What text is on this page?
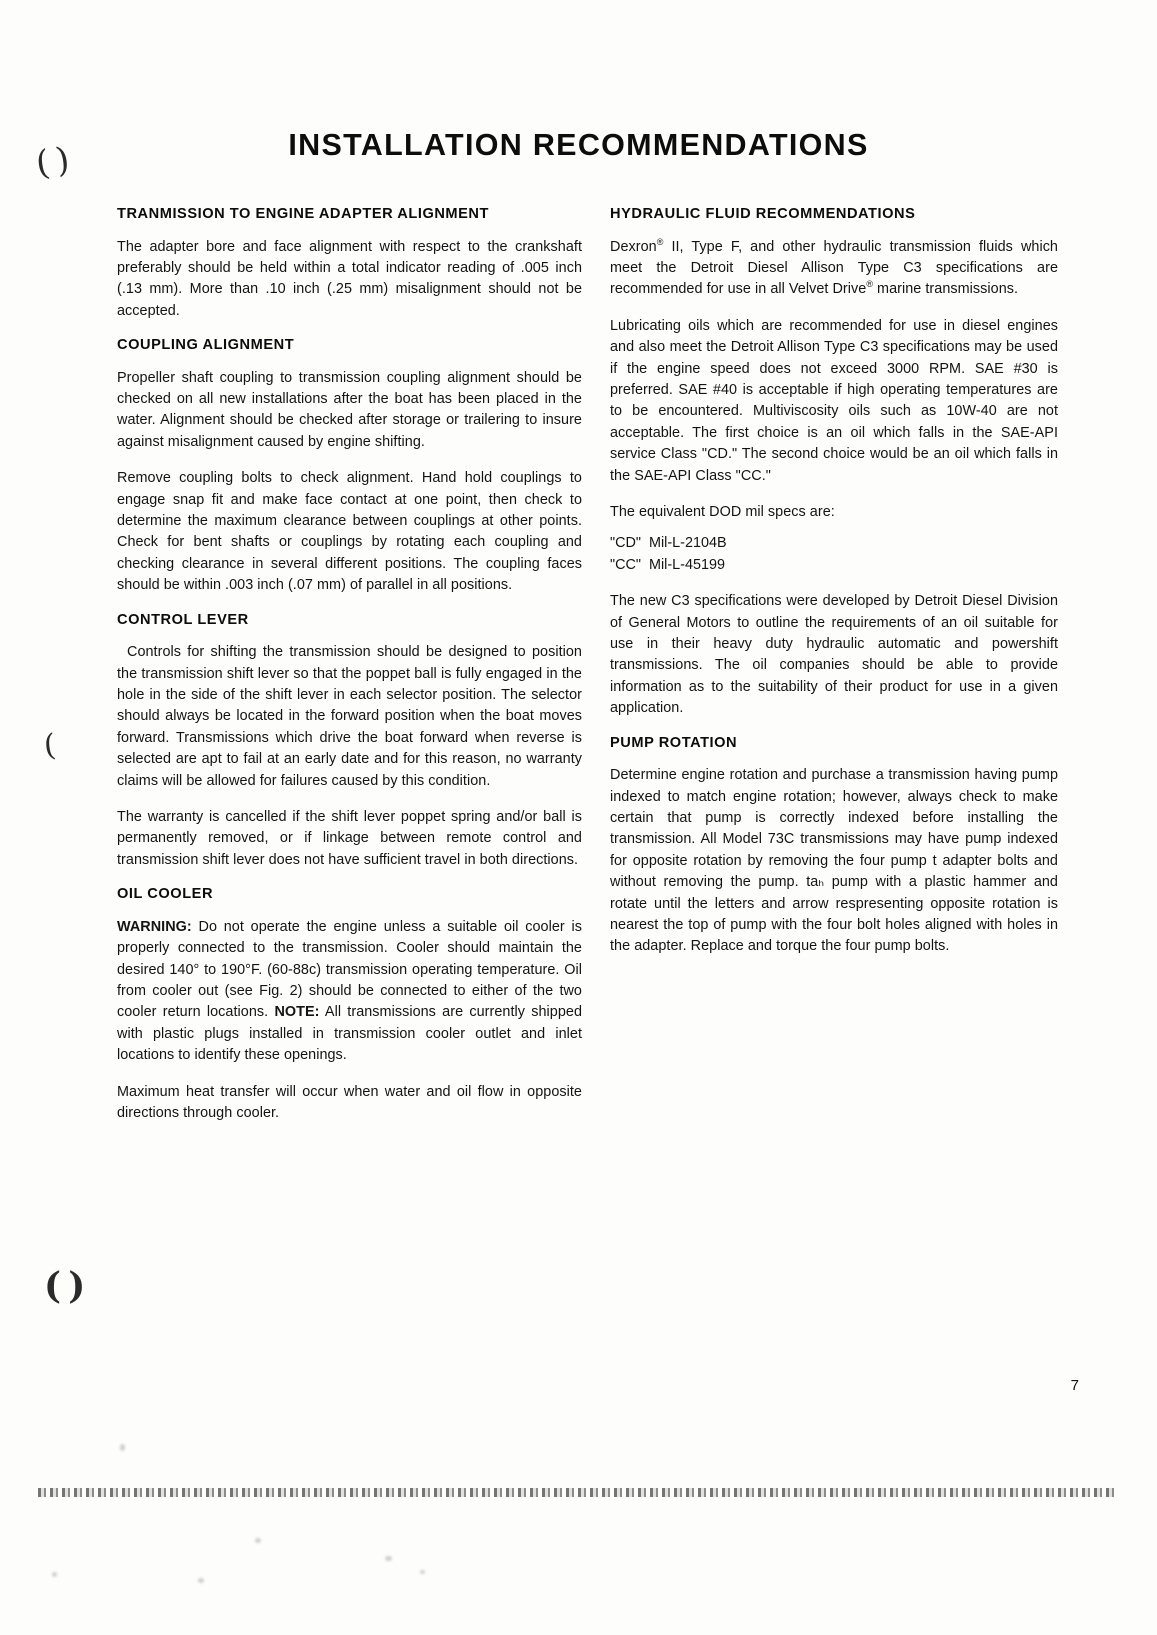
( )
( 
( )
INSTALLATION RECOMMENDATIONS
TRANMISSION TO ENGINE ADAPTER ALIGNMENT

The adapter bore and face alignment with respect to the crankshaft preferably should be held within a total indicator reading of .005 inch (.13 mm). More than .10 inch (.25 mm) misalignment should not be accepted.

COUPLING ALIGNMENT

Propeller shaft coupling to transmission coupling alignment should be checked on all new installations after the boat has been placed in the water. Alignment should be checked after storage or trailering to insure against misalignment caused by engine shifting.

Remove coupling bolts to check alignment. Hand hold couplings to engage snap fit and make face contact at one point, then check to determine the maximum clearance between couplings at other points. Check for bent shafts or couplings by rotating each coupling and checking clearance in several different positions. The coupling faces should be within .003 inch (.07 mm) of parallel in all positions.

CONTROL LEVER

Controls for shifting the transmission should be designed to position the transmission shift lever so that the poppet ball is fully engaged in the hole in the side of the shift lever in each selector position. The selector should always be located in the forward position when the boat moves forward. Transmissions which drive the boat forward when reverse is selected are apt to fail at an early date and for this reason, no warranty claims will be allowed for failures caused by this condition.

The warranty is cancelled if the shift lever poppet spring and/or ball is permanently removed, or if linkage between remote control and transmission shift lever does not have sufficient travel in both directions.

OIL COOLER

WARNING: Do not operate the engine unless a suitable oil cooler is properly connected to the transmission. Cooler should maintain the desired 140° to 190°F. (60-88c) transmission operating temperature. Oil from cooler out (see Fig. 2) should be connected to either of the two cooler return locations. NOTE: All transmissions are currently shipped with plastic plugs installed in transmission cooler outlet and inlet locations to identify these openings.

Maximum heat transfer will occur when water and oil flow in opposite directions through cooler.

HYDRAULIC FLUID RECOMMENDATIONS

Dexron® II, Type F, and other hydraulic transmission fluids which meet the Detroit Diesel Allison Type C3 specifications are recommended for use in all Velvet Drive® marine transmissions.

Lubricating oils which are recommended for use in diesel engines and also meet the Detroit Allison Type C3 specifications may be used if the engine speed does not exceed 3000 RPM. SAE #30 is preferred. SAE #40 is acceptable if high operating temperatures are to be encountered. Multiviscosity oils such as 10W-40 are not acceptable. The first choice is an oil which falls in the SAE-API service Class "CD." The second choice would be an oil which falls in the SAE-API Class "CC."

The equivalent DOD mil specs are:

"CD"  Mil-L-2104B
"CC"  Mil-L-45199

The new C3 specifications were developed by Detroit Diesel Division of General Motors to outline the requirements of an oil suitable for use in their heavy duty hydraulic automatic and powershift transmissions. The oil companies should be able to provide information as to the suitability of their product for use in a given application.

PUMP ROTATION

Determine engine rotation and purchase a transmission having pump indexed to match engine rotation; however, always check to make certain that pump is correctly indexed before installing the transmission. All Model 73C transmissions may have pump indexed for opposite rotation by removing the four pump t adapter bolts and without removing the pump. taₕ pump with a plastic hammer and rotate until the letters and arrow respresenting opposite rotation is nearest the top of pump with the four bolt holes aligned with holes in the adapter. Replace and torque the four pump bolts.

7
